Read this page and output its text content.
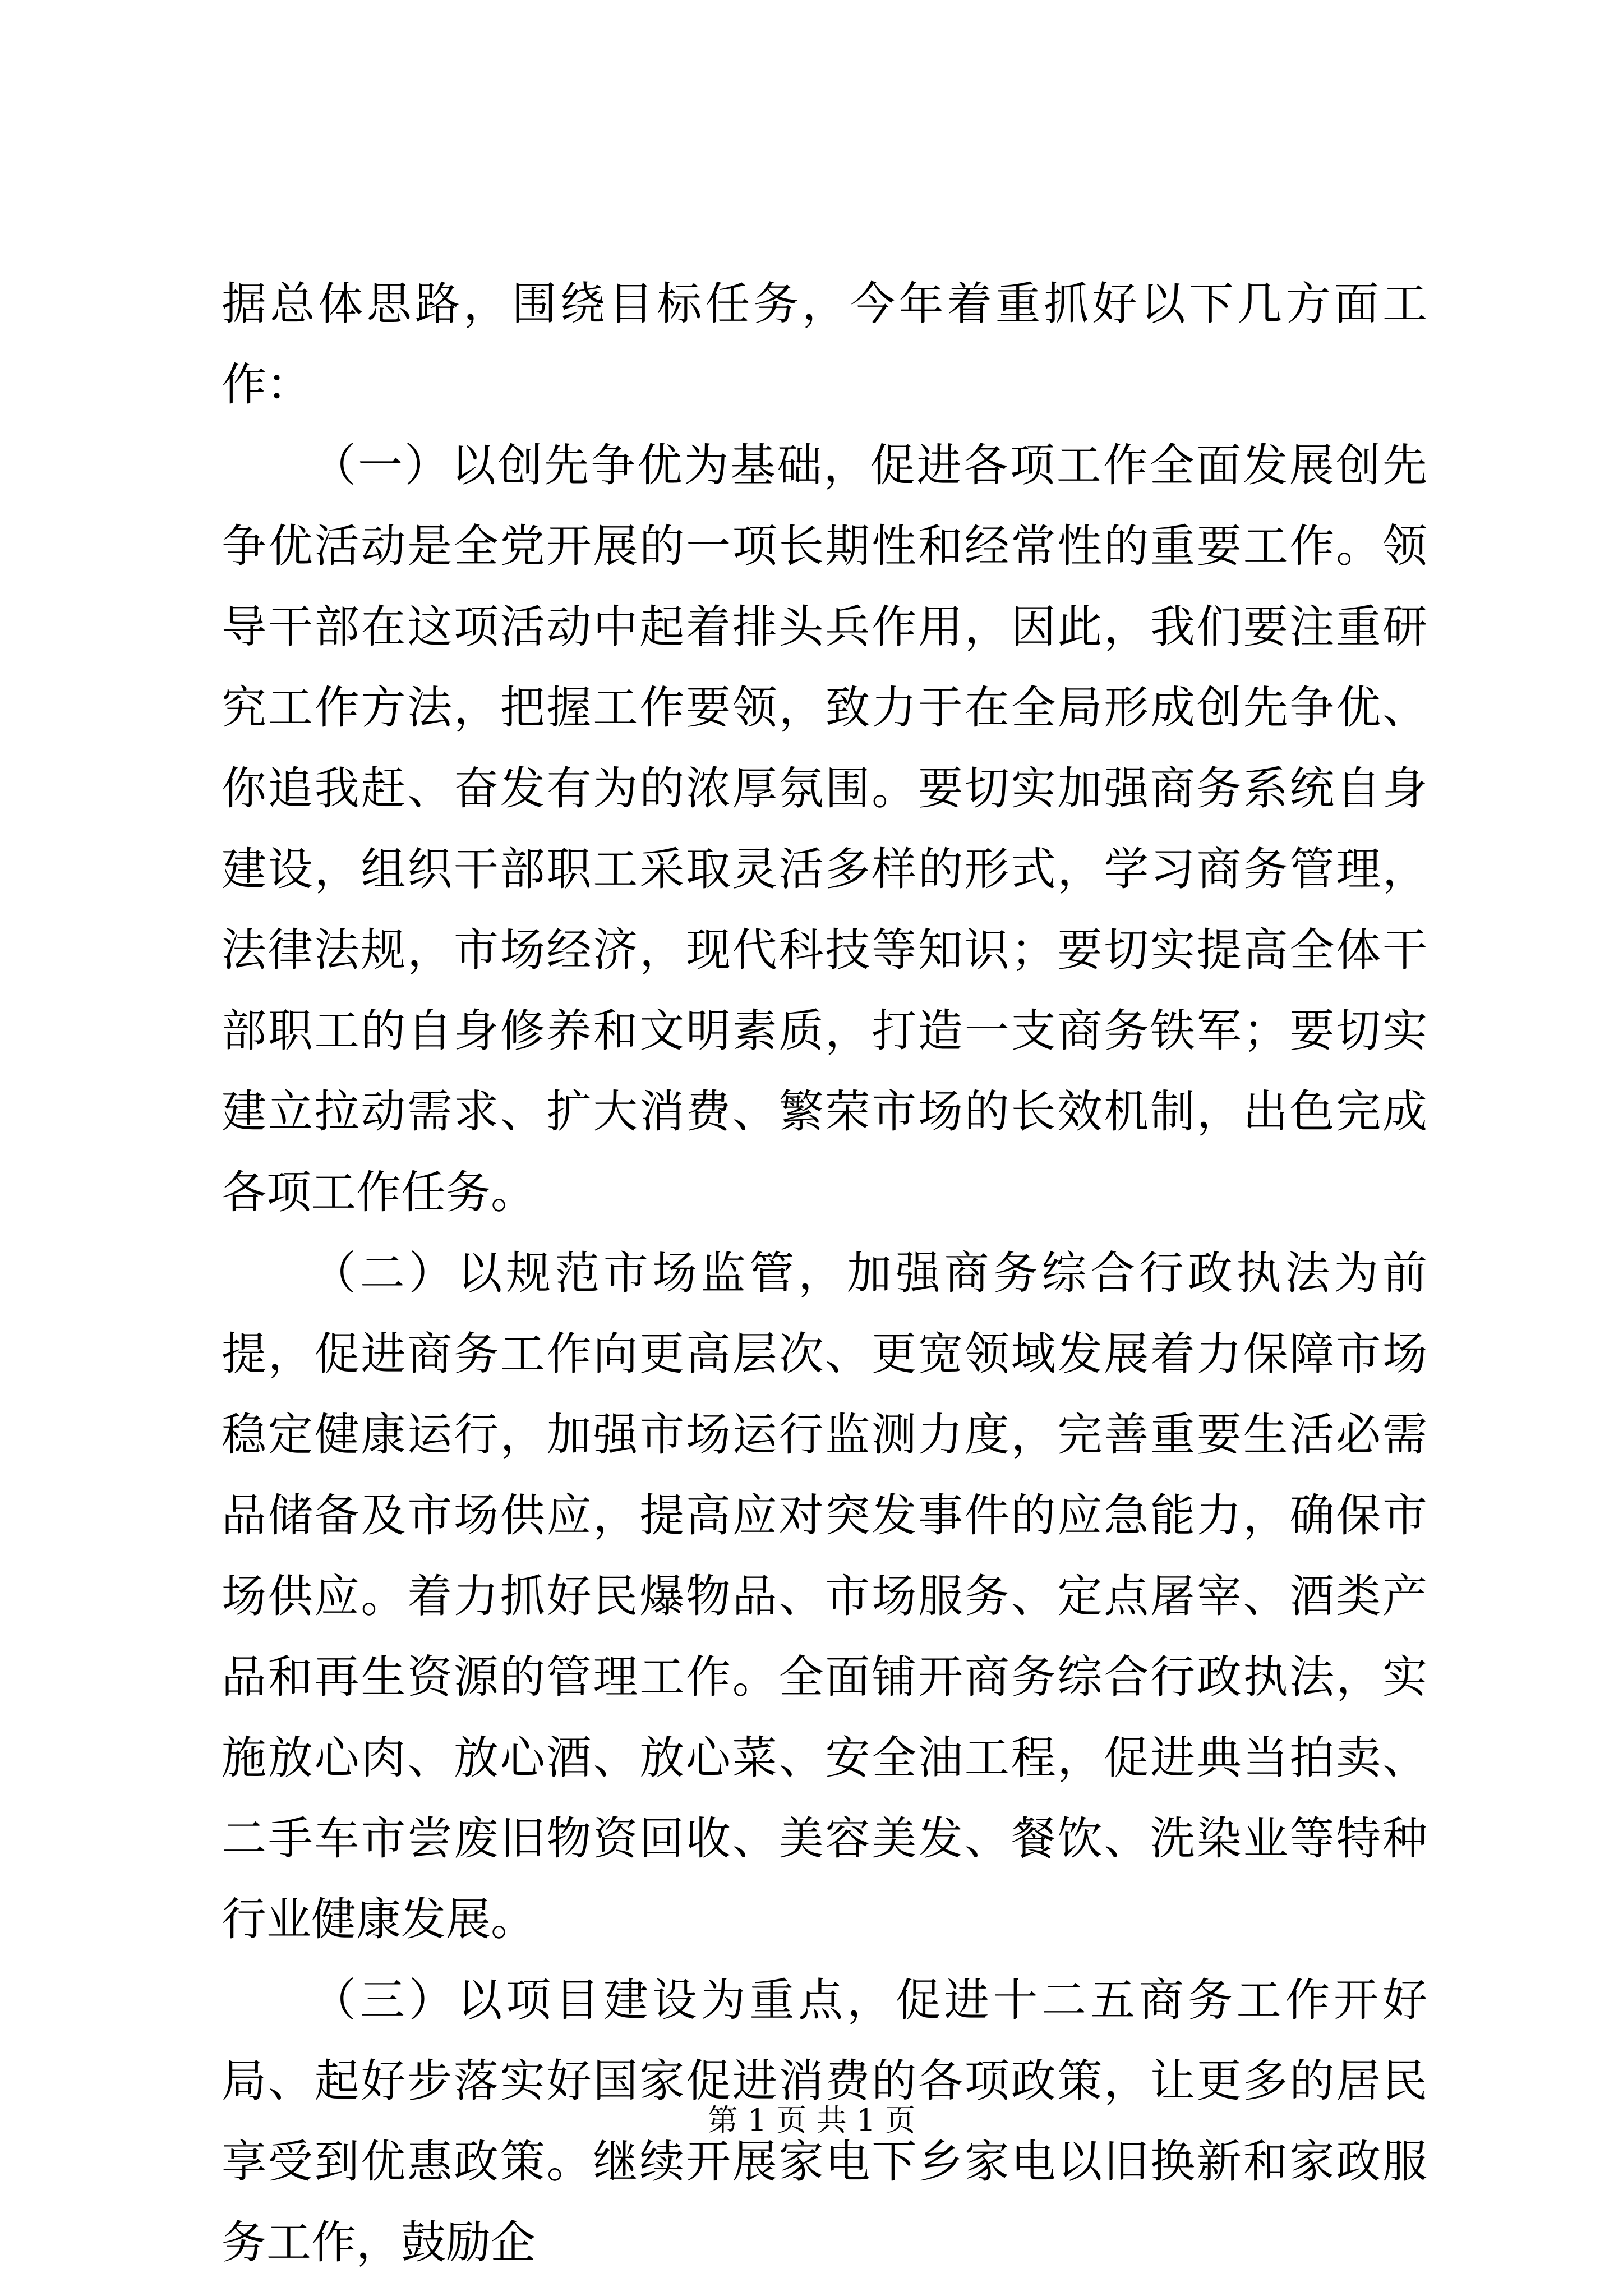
据总体思路，围绕目标任务，今年着重抓好以下几方面工作：

（一）以创先争优为基础，促进各项工作全面发展创先争优活动是全党开展的一项长期性和经常性的重要工作。领导干部在这项活动中起着排头兵作用，因此，我们要注重研究工作方法，把握工作要领，致力于在全局形成创先争优、你追我赶、奋发有为的浓厚氛围。要切实加强商务系统自身建设，组织干部职工采取灵活多样的形式，学习商务管理，法律法规，市场经济，现代科技等知识；要切实提高全体干部职工的自身修养和文明素质，打造一支商务铁军；要切实建立拉动需求、扩大消费、繁荣市场的长效机制，出色完成各项工作任务。

（二）以规范市场监管，加强商务综合行政执法为前提，促进商务工作向更高层次、更宽领域发展着力保障市场稳定健康运行，加强市场运行监测力度，完善重要生活必需品储备及市场供应，提高应对突发事件的应急能力，确保市场供应。着力抓好民爆物品、市场服务、定点屠宰、酒类产品和再生资源的管理工作。全面铺开商务综合行政执法，实施放心肉、放心酒、放心菜、安全油工程，促进典当拍卖、二手车市尝废旧物资回收、美容美发、餐饮、洗染业等特种行业健康发展。

（三）以项目建设为重点，促进十二五商务工作开好局、起好步落实好国家促进消费的各项政策，让更多的居民享受到优惠政策。继续开展家电下乡家电以旧换新和家政服务工作，鼓励企

第 1 页 共 1 页
